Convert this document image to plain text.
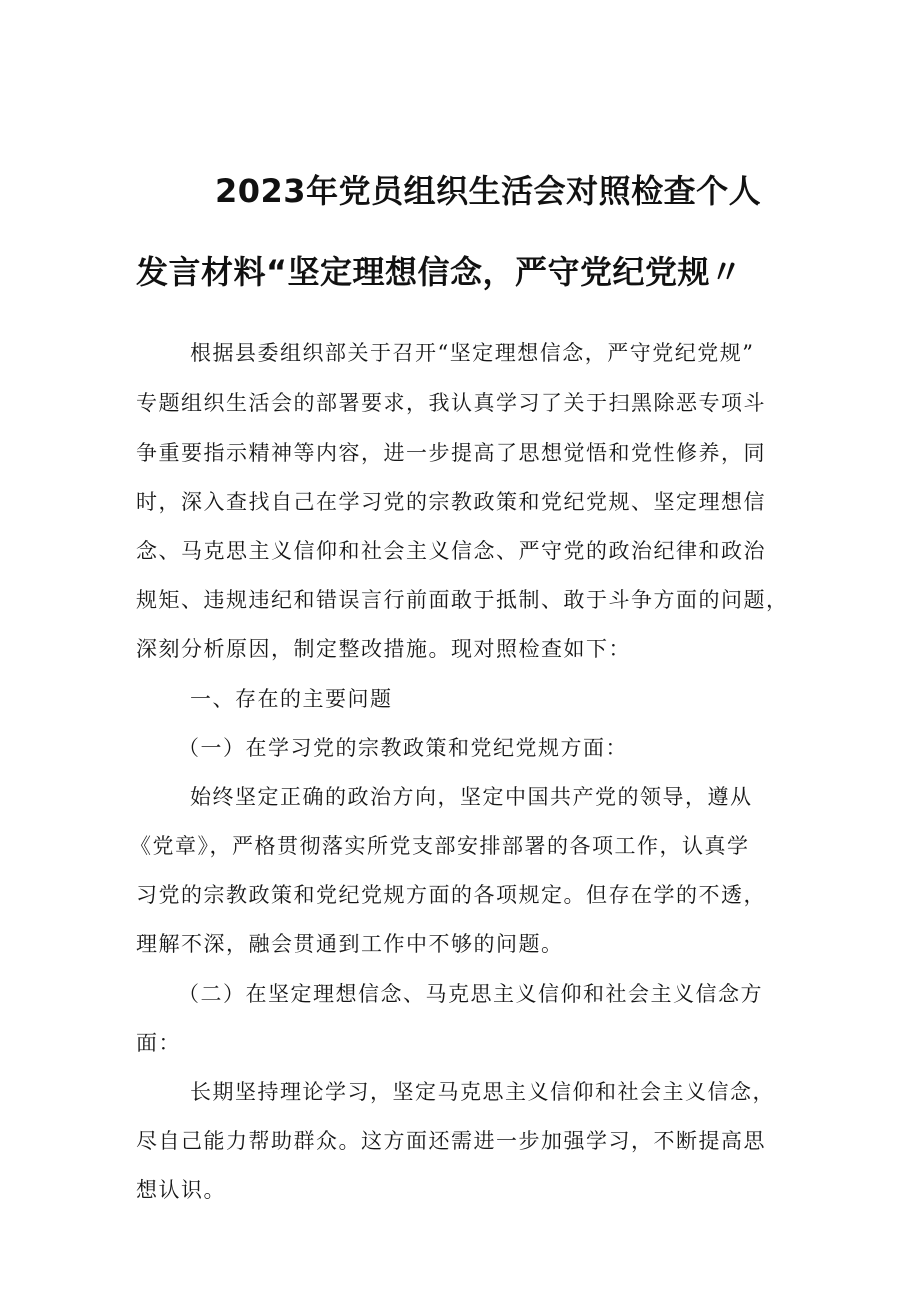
2023年党员组织生活会对照检查个人
发言材料“坚定理想信念，严守党纪党规〃
根据县委组织部关于召开“坚定理想信念，严守党纪党规”
专题组织生活会的部署要求，我认真学习了关于扫黑除恶专项斗
争重要指示精神等内容，进一步提高了思想觉悟和党性修养，同
时，深入查找自己在学习党的宗教政策和党纪党规、坚定理想信
念、马克思主义信仰和社会主义信念、严守党的政治纪律和政治
规矩、违规违纪和错误言行前面敢于抵制、敢于斗争方面的问题，
深刻分析原因，制定整改措施。现对照检查如下：
一、存在的主要问题
（一）在学习党的宗教政策和党纪党规方面：
始终坚定正确的政治方向，坚定中国共产党的领导，遵从
《党章》，严格贯彻落实所党支部安排部署的各项工作，认真学
习党的宗教政策和党纪党规方面的各项规定。但存在学的不透，
理解不深，融会贯通到工作中不够的问题。
（二）在坚定理想信念、马克思主义信仰和社会主义信念方
面：
长期坚持理论学习，坚定马克思主义信仰和社会主义信念，
尽自己能力帮助群众。这方面还需进一步加强学习，不断提高思
想认识。
